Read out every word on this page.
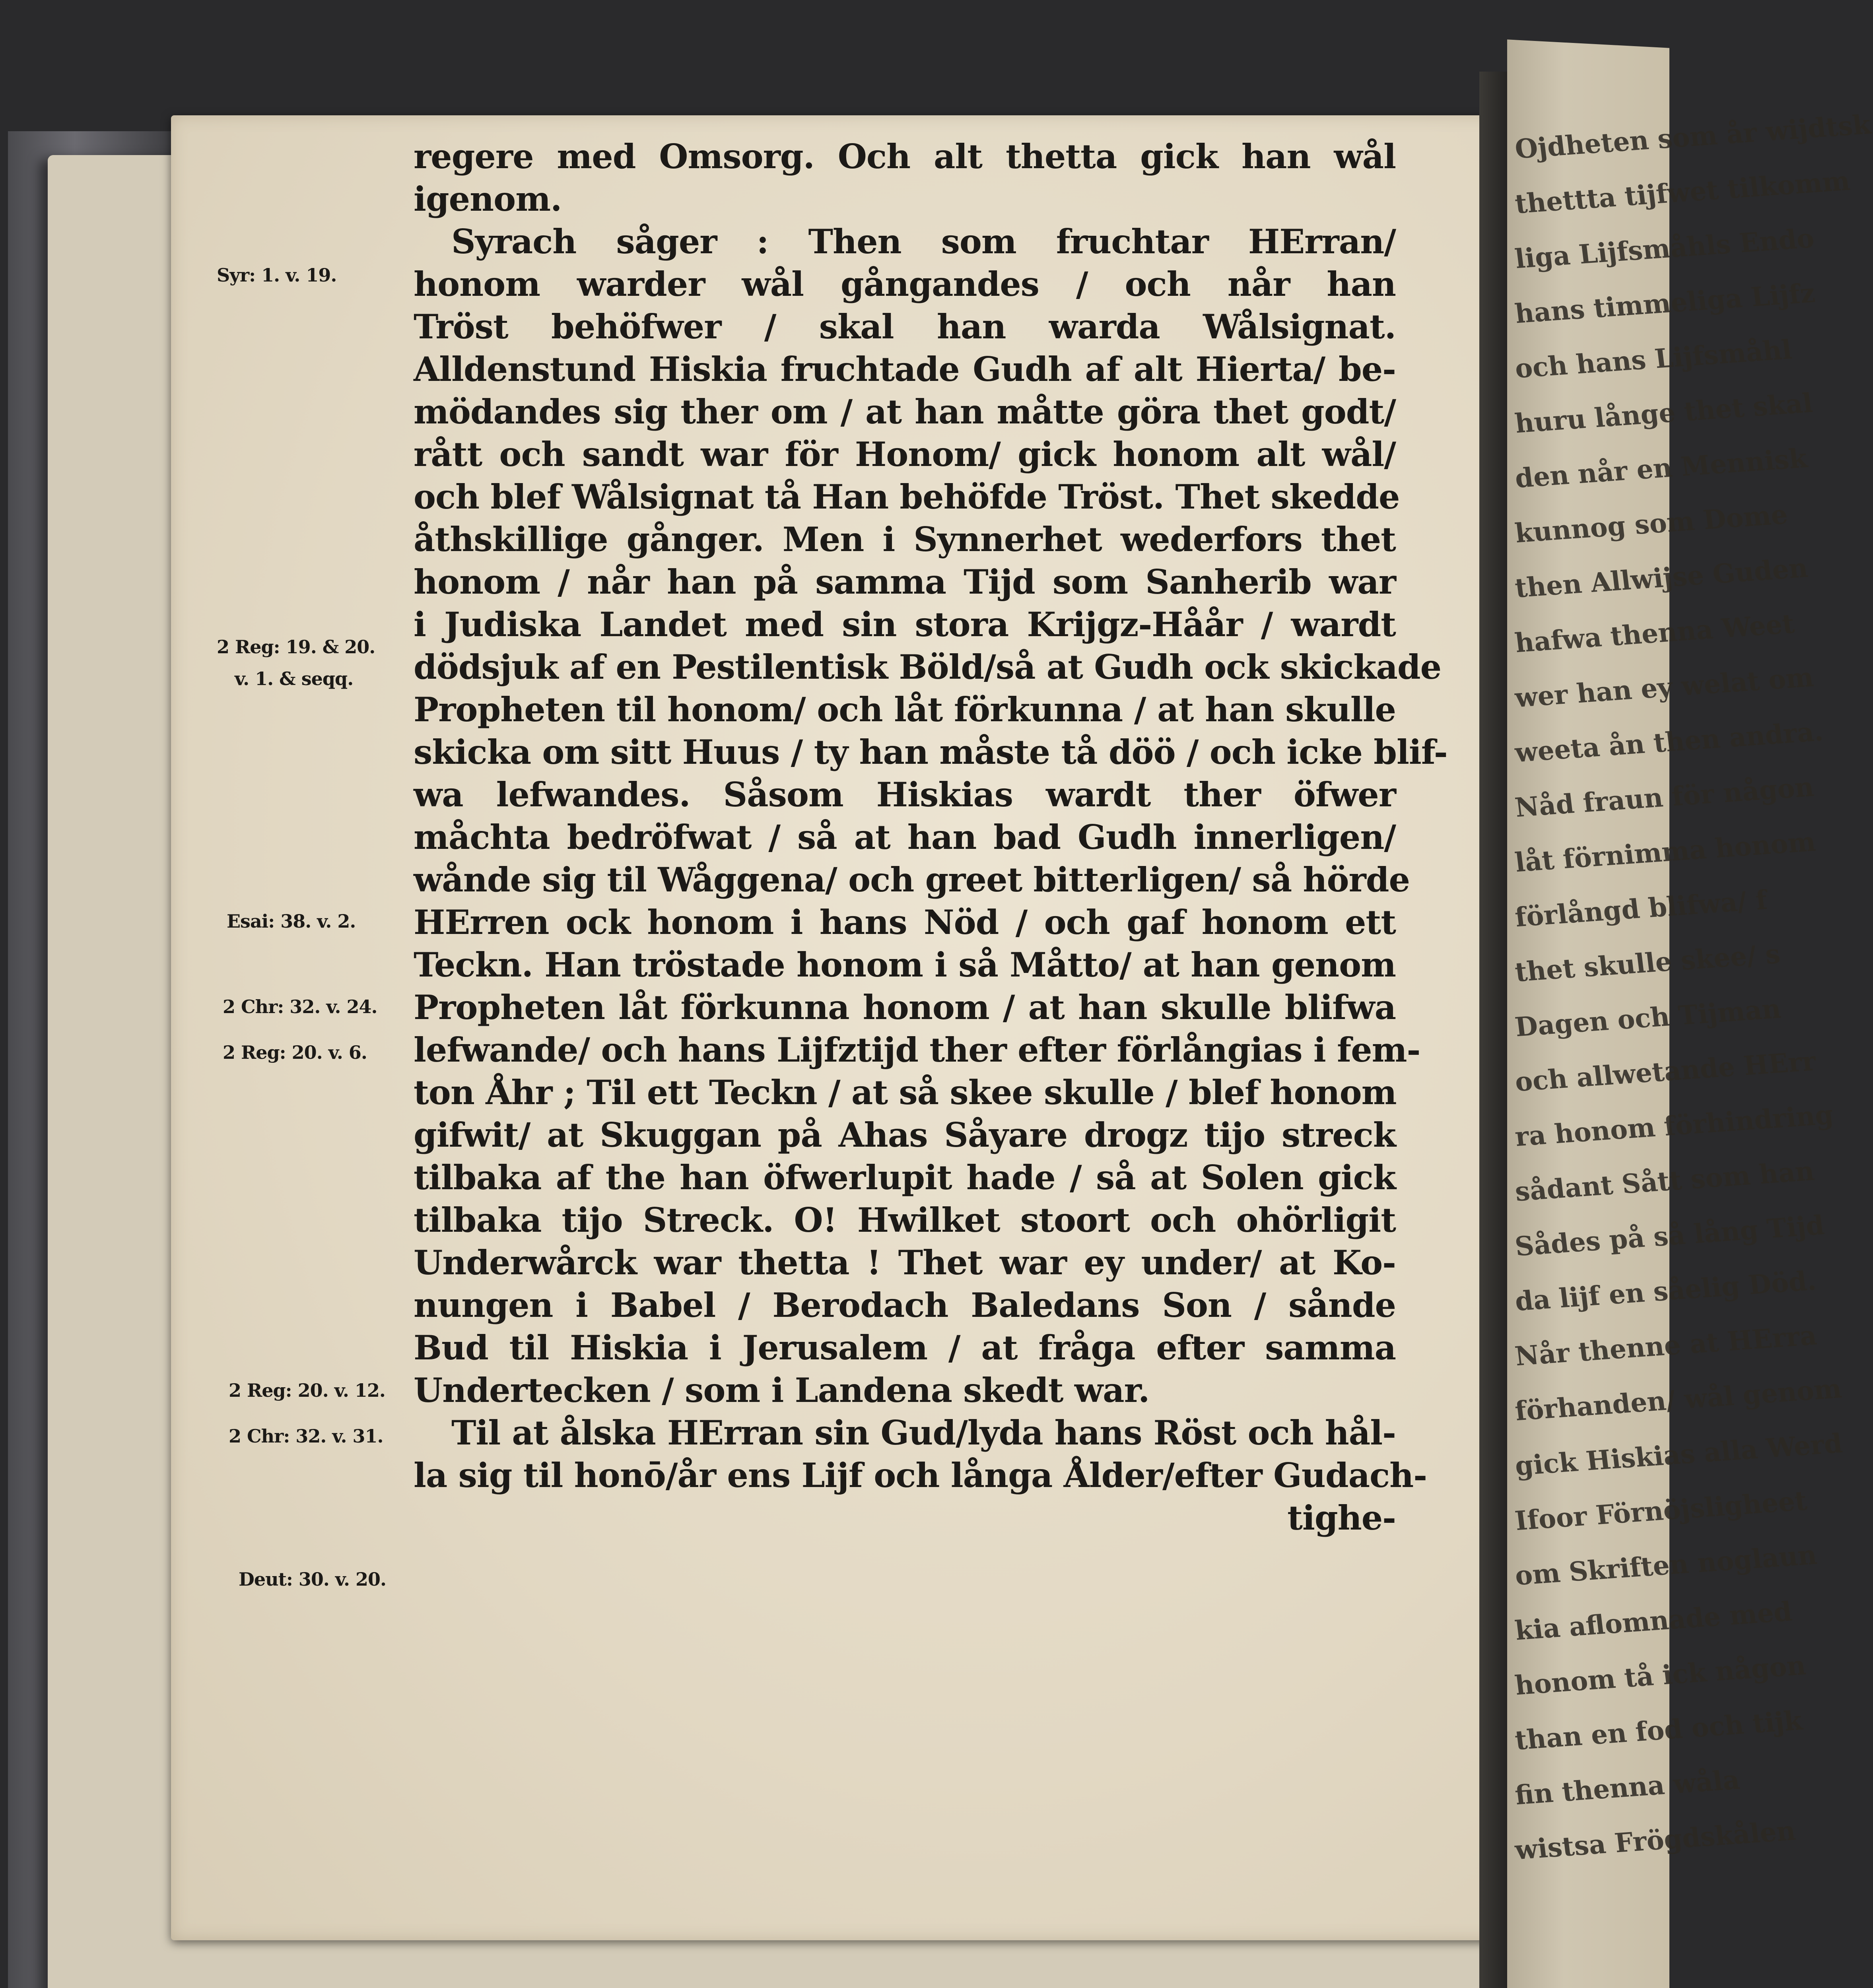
Ojdheten som år wijdtsk
thettta tijfwet tilkomm
liga Lijfsmåhls Endo
hans timmeliga Lijfz
och hans Lijfsmåhl
huru långe thet skal
den når en Mennisk
kunnog som Dome
then Allwijse Guden
hafwa thenna Weet
wer han ey welat om
weeta ån then andra.
Nåd fraun för någon
låt förnimma honom
förlångd blifwa/ f
thet skulle skee/ s
Dagen och Tijman
och allwetande HErr
ra honom förhindring
sådant Sått som han
Sådes på så lång Tijd
da lijf en såelig Död.
Når thenne at HErra
förhanden/ wål genom
gick Hiskias alla Werd
Ifoor Förnöjsligheet
om Skriften noglaun
kia aflomnade med
honom tå ick någon
than en fod och tijk
fin thenna wåla
wistsa Frögdskålen
regere med Omsorg. Och alt thetta gick han wål
igenom.
Syrach såger : Then som fruchtar HErran/
honom warder wål gångandes / och når han
Tröst behöfwer / skal han warda Wålsignat.
Alldenstund Hiskia fruchtade Gudh af alt Hierta/ be-
mödandes sig ther om / at han måtte göra thet godt/
rått och sandt war för Honom/ gick honom alt wål/
och blef Wålsignat tå Han behöfde Tröst. Thet skedde
åthskillige gånger. Men i Synnerhet wederfors thet
honom / når han på samma Tijd som Sanherib war
i Judiska Landet med sin stora Krijgz-Håår / wardt
dödsjuk af en Pestilentisk Böld/så at Gudh ock skickade
Propheten til honom/ och låt förkunna / at han skulle
skicka om sitt Huus / ty han måste tå döö / och icke blif-
wa lefwandes. Såsom Hiskias wardt ther öfwer
måchta bedröfwat / så at han bad Gudh innerligen/
wånde sig til Wåggena/ och greet bitterligen/ så hörde
HErren ock honom i hans Nöd / och gaf honom ett
Teckn. Han tröstade honom i så Måtto/ at han genom
Propheten låt förkunna honom / at han skulle blifwa
lefwande/ och hans Lijfztijd ther efter förlångias i fem-
ton Åhr ; Til ett Teckn / at så skee skulle / blef honom
gifwit/ at Skuggan på Ahas Såyare drogz tijo streck
tilbaka af the han öfwerlupit hade / så at Solen gick
tilbaka tijo Streck. O! Hwilket stoort och ohörligit
Underwårck war thetta ! Thet war ey under/ at Ko-
nungen i Babel / Berodach Baledans Son / sånde
Bud til Hiskia i Jerusalem / at fråga efter samma
Undertecken / som i Landena skedt war.
Til at ålska HErran sin Gud/lyda hans Röst och hål-
la sig til honō/år ens Lijf och långa Ålder/efter Gudach-
tighe-
Syr: 1. v. 19.
2 Reg: 19. & 20.
v. 1. & seqq.
Esai: 38. v. 2.
2 Chr: 32. v. 24.
2 Reg: 20. v. 6.
2 Reg: 20. v. 12.
2 Chr: 32. v. 31.
Deut: 30. v. 20.
